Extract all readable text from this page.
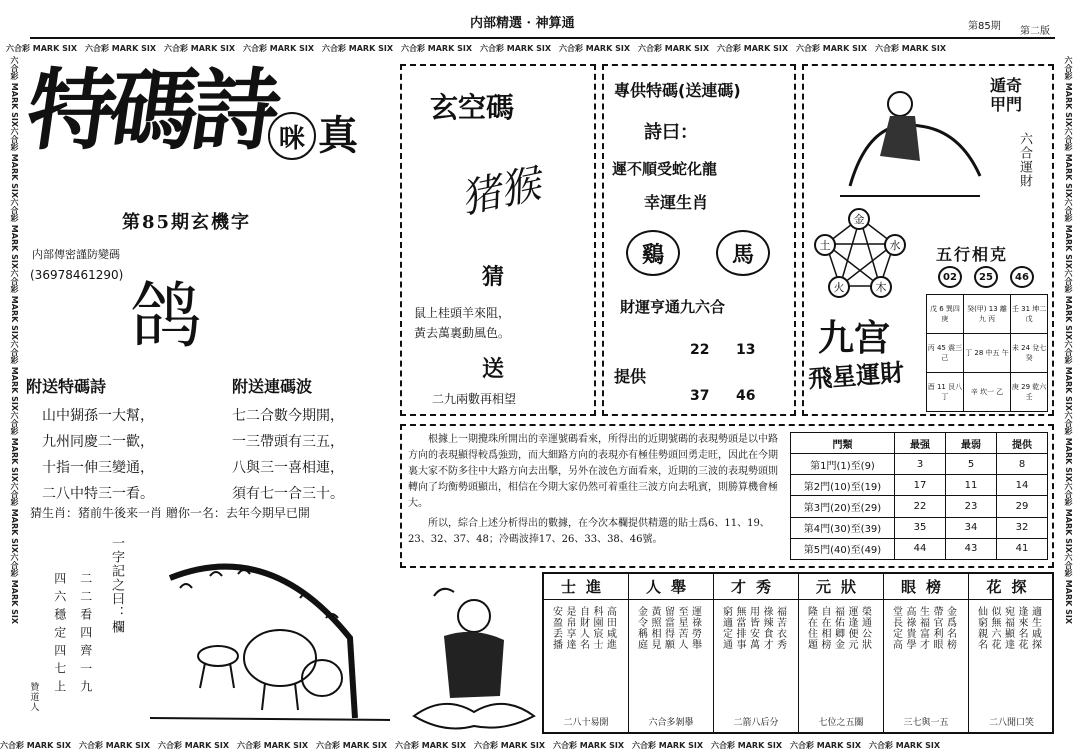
内部精選 · 神算通	第85期 第二版
六合彩 MARK SIX 六合彩 MARK SIX 六合彩 MARK SIX 六合彩 MARK SIX 六合彩 MARK SIX 六合彩 MARK SIX 六合彩 MARK SIX 六合彩 MARK SIX 六合彩 MARK SIX 六合彩 MARK SIX 六合彩 MARK SIX 六合彩 MARK SIX
六合彩 MARK SIX 六合彩 MARK SIX 六合彩 MARK SIX 六合彩 MARK SIX 六合彩 MARK SIX 六合彩 MARK SIX 六合彩 MARK SIX 六合彩 MARK SIX 六合彩 MARK SIX 六合彩 MARK SIX 六合彩 MARK SIX 六合彩 MARK SIX
六合彩 MARK SIX六合彩 MARK SIX六合彩 MARK SIX六合彩 MARK SIX六合彩 MARK SIX六合彩 MARK SIX六合彩 MARK SIX六合彩 MARK SIX
六合彩 MARK SIX六合彩 MARK SIX六合彩 MARK SIX六合彩 MARK SIX六合彩 MARK SIX六合彩 MARK SIX六合彩 MARK SIX六合彩 MARK SIX
特碼詩
咪 真
第85期玄機字
内部傳密謹防變碼
(36978461290) 鸽
附送特碼詩
山中猢孫一大幫，
九州同慶二一歡，
十指一伸三變通，
二八中特三一看。
附送連碼波
七二合數今期開，
一三帶頭有三五，
八與三一喜相連，
須有七一合三十。
猜生肖：猪前牛後来一肖 贈你一名：去年今期早已開
一字記之曰：欄
二二看四齊一九
四六穩定四七上
贊道人
玄空碼
猪猴
猜
鼠上桂頭羊來阻，
黃去萬裏動風色。
送
二九兩數再相望
專供特碼(送連碼)
詩曰：
遲不順受蛇化龍
幸運生肖
鷄	馬
財運亨通九六合
提供
22 13
37 46
遁奇甲門
六合運財
金
水
木
火
土	五行相克
02	25	46
九宫
飛星運財
戊 6 巽四 庚	癸(甲) 13 離九 丙	壬 31 坤二 戊
丙 45 震三 己	丁 28 中五 午	未 24 兌七 癸
酉 11 艮八 丁	辛 坎一 乙	庚 29 乾六 壬
根據上一期攪珠所開出的幸運號碼看來，所得出的近期號碼的表現勢頭是以中路方向的表現顯得較爲強勁，而大細路方向的表現亦有極佳勢頭回勇走旺，因此在今期裏大家不防多往中大路方向去出擊，另外在波色方面看來，近期的三波的表現勢頭則轉向了均衡勢頭顯出，相信在今期大家仍然可着重往三波方向去吼賓，則勝算機會極大。
所以，綜合上述分析得出的數據，在今次本欄提供精選的貼士爲6、11、19、23、32、37、48；冷碼波捧17、26、33、38、46號。
門類	最强	最弱	提供
第1門(1)至(9)	3	5	8
第2門(10)至(19)	17	11	14
第3門(20)至(29)	22	23	29
第4門(30)至(39)	35	34	32
第5門(40)至(49)	44	43	41
士進
高田咸進
科園宸士
自財人名
是帛享達
安盈丢播
二八十易開
人舉
運祿勞舉
至星苦人
留當得願
黃照相見
金令稱庭
六合多剝擧
才秀
福苦衣秀
祿辣食才
用皆安萬
無當排事
窮適定通
二箭八后分
元狀
榮通公狀
運逢便元
福佑卿金
自在相榜
隆在住題
七位之五關
眼榜
金爲名榜
帶官利眼
生福富才
高祿貴學
堂長定高
三七與一五
花探
適生戚探
逢來名花
宛福顯達
似無六花
仙窮親名
二八閒口笑
